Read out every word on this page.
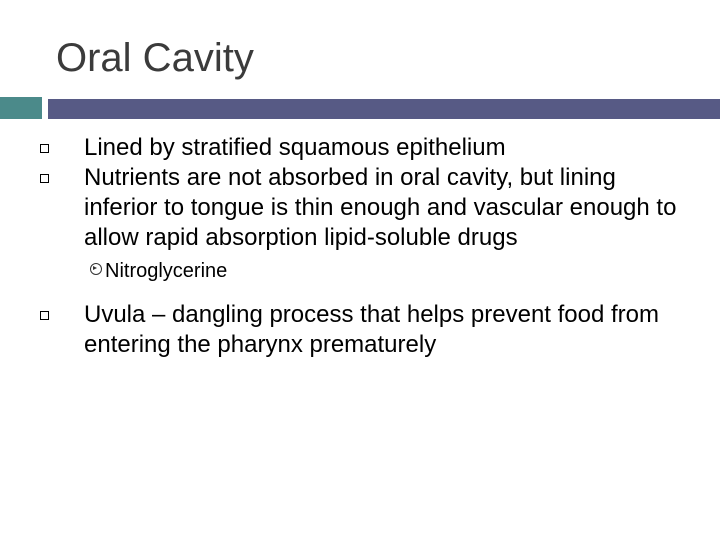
Oral Cavity
Lined by stratified squamous epithelium
Nutrients are not absorbed in oral cavity, but lining inferior to tongue is thin enough and vascular enough to allow rapid absorption lipid-soluble drugs
Nitroglycerine
Uvula – dangling process that helps prevent food from entering the pharynx prematurely
